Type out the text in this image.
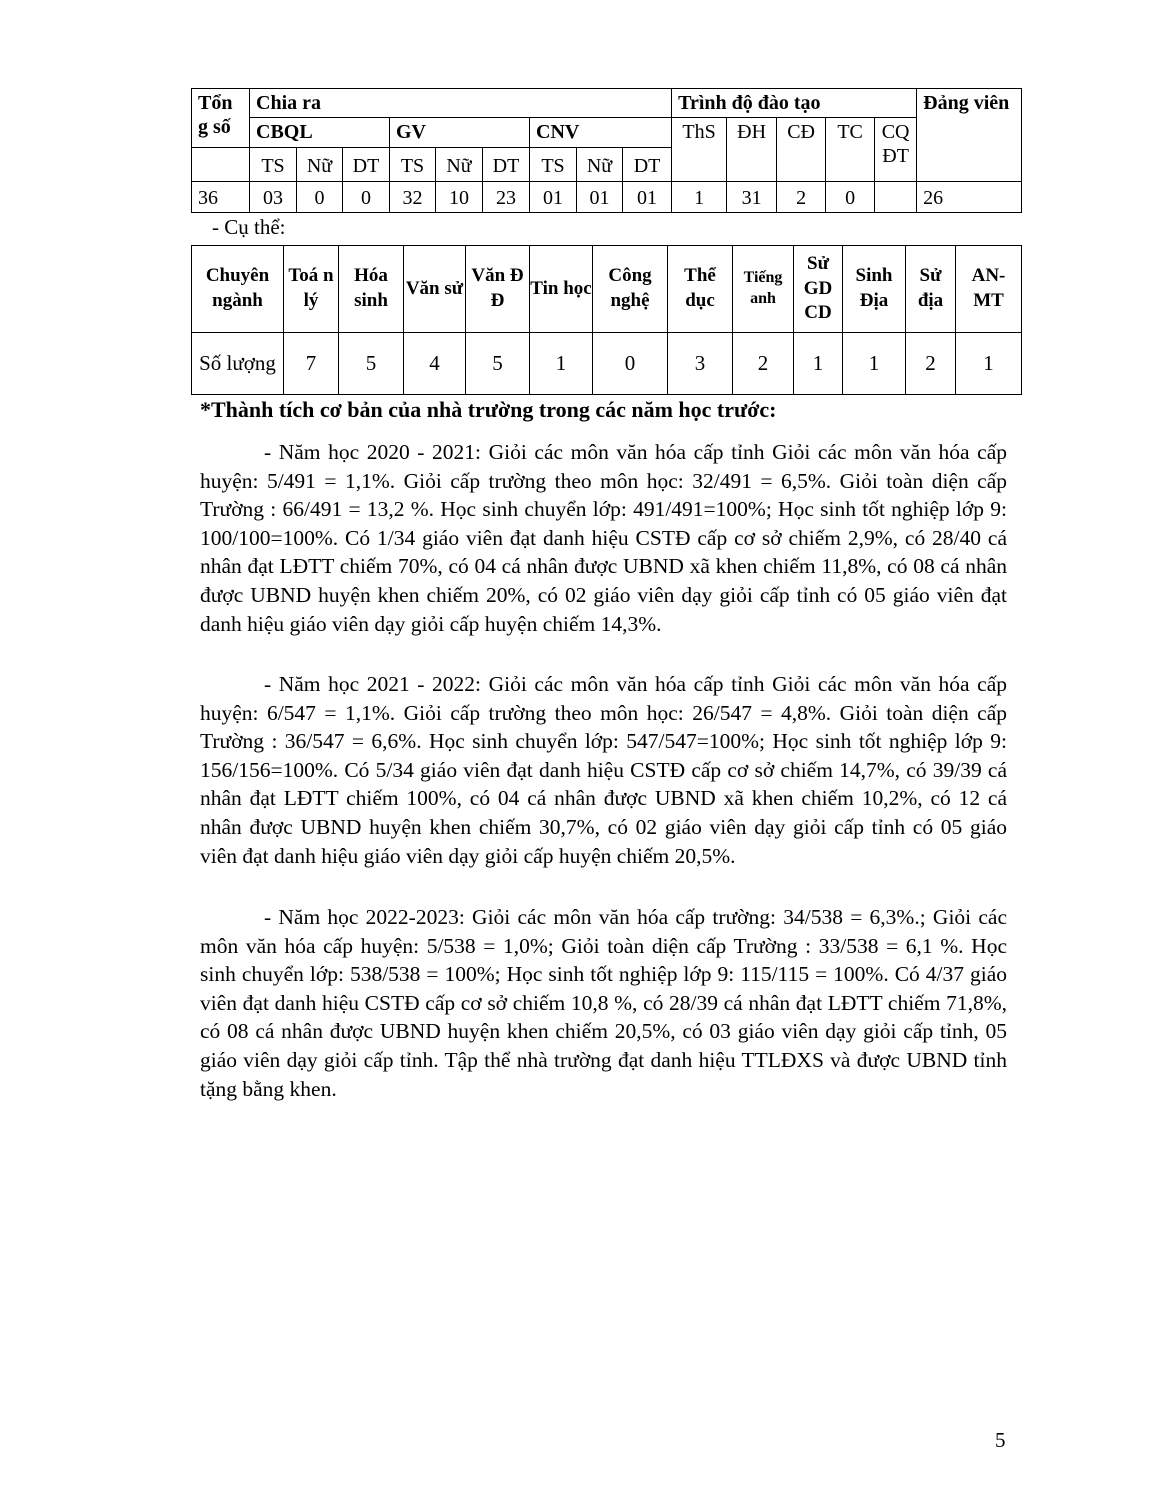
Tổn g số	Chia ra									Trình độ đào tạo					Đảng viên
	CBQL			GV			CNV			ThS	ĐH	CĐ	TC	CQ ĐT	
	TS	Nữ	DT	TS	Nữ	DT	TS	Nữ	DT						
36	03	0	0	32	10	23	01	01	01	1	31	2	0		26
- Cụ thể:
Chuyên ngành	Toá n lý	Hóa sinh	Văn sử	Văn Đ Đ	Tin học	Công nghệ	Thể dục	Tiếng anh	Sử GD CD	Sinh Địa	Sử địa	AN- MT
Số lượng	7	5	4	5	1	0	3	2	1	1	2	1

*Thành tích cơ bản của nhà trường trong các năm học trước:

- Năm học 2020 - 2021: Giỏi các môn văn hóa cấp tỉnh Giỏi các môn văn hóa cấp huyện: 5/491 = 1,1%. Giỏi cấp trường theo môn học: 32/491 = 6,5%. Giỏi toàn diện cấp Trường : 66/491 = 13,2 %. Học sinh chuyển lớp: 491/491=100%; Học sinh tốt nghiệp lớp 9: 100/100=100%. Có 1/34 giáo viên đạt danh hiệu CSTĐ cấp cơ sở chiếm 2,9%, có 28/40 cá nhân đạt LĐTT chiếm 70%, có 04 cá nhân được UBND xã khen chiếm 11,8%, có 08 cá nhân được UBND huyện khen chiếm 20%, có 02 giáo viên dạy giỏi cấp tỉnh có 05 giáo viên đạt danh hiệu giáo viên dạy giỏi cấp huyện chiếm 14,3%.

- Năm học 2021 - 2022: Giỏi các môn văn hóa cấp tỉnh Giỏi các môn văn hóa cấp huyện: 6/547 = 1,1%. Giỏi cấp trường theo môn học: 26/547 = 4,8%. Giỏi toàn diện cấp Trường : 36/547 = 6,6%. Học sinh chuyển lớp: 547/547=100%; Học sinh tốt nghiệp lớp 9: 156/156=100%. Có 5/34 giáo viên đạt danh hiệu CSTĐ cấp cơ sở chiếm 14,7%, có 39/39 cá nhân đạt LĐTT chiếm 100%, có 04 cá nhân được UBND xã khen chiếm 10,2%, có 12 cá nhân được UBND huyện khen chiếm 30,7%, có 02 giáo viên dạy giỏi cấp tỉnh có 05 giáo viên đạt danh hiệu giáo viên dạy giỏi cấp huyện chiếm 20,5%.

- Năm học 2022-2023: Giỏi các môn văn hóa cấp trường: 34/538 = 6,3%.; Giỏi các môn văn hóa cấp huyện: 5/538 = 1,0%; Giỏi toàn diện cấp Trường : 33/538 = 6,1 %. Học sinh chuyển lớp: 538/538 = 100%; Học sinh tốt nghiệp lớp 9: 115/115 = 100%. Có 4/37 giáo viên đạt danh hiệu CSTĐ cấp cơ sở chiếm 10,8 %, có 28/39 cá nhân đạt LĐTT chiếm 71,8%, có 08 cá nhân được UBND huyện khen chiếm 20,5%, có 03 giáo viên dạy giỏi cấp tỉnh, 05 giáo viên dạy giỏi cấp tỉnh. Tập thể nhà trường đạt danh hiệu TTLĐXS và được UBND tỉnh tặng bằng khen.

5
